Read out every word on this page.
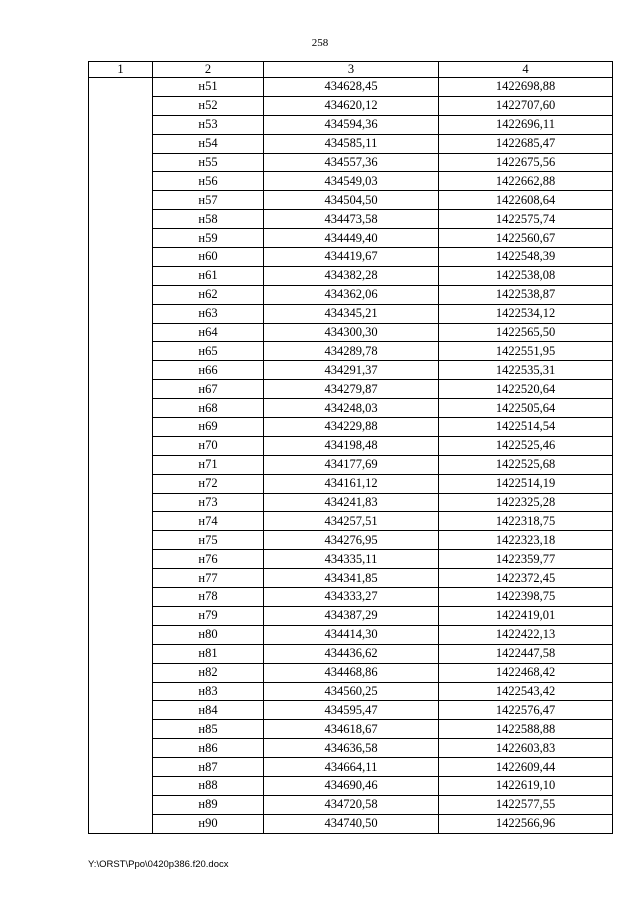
258
1	2	3	4
	н51	434628,45	1422698,88
	н52	434620,12	1422707,60
	н53	434594,36	1422696,11
	н54	434585,11	1422685,47
	н55	434557,36	1422675,56
	н56	434549,03	1422662,88
	н57	434504,50	1422608,64
	н58	434473,58	1422575,74
	н59	434449,40	1422560,67
	н60	434419,67	1422548,39
	н61	434382,28	1422538,08
	н62	434362,06	1422538,87
	н63	434345,21	1422534,12
	н64	434300,30	1422565,50
	н65	434289,78	1422551,95
	н66	434291,37	1422535,31
	н67	434279,87	1422520,64
	н68	434248,03	1422505,64
	н69	434229,88	1422514,54
	н70	434198,48	1422525,46
	н71	434177,69	1422525,68
	н72	434161,12	1422514,19
	н73	434241,83	1422325,28
	н74	434257,51	1422318,75
	н75	434276,95	1422323,18
	н76	434335,11	1422359,77
	н77	434341,85	1422372,45
	н78	434333,27	1422398,75
	н79	434387,29	1422419,01
	н80	434414,30	1422422,13
	н81	434436,62	1422447,58
	н82	434468,86	1422468,42
	н83	434560,25	1422543,42
	н84	434595,47	1422576,47
	н85	434618,67	1422588,88
	н86	434636,58	1422603,83
	н87	434664,11	1422609,44
	н88	434690,46	1422619,10
	н89	434720,58	1422577,55
	н90	434740,50	1422566,96
Y:\ORST\Ppo\0420p386.f20.docx
